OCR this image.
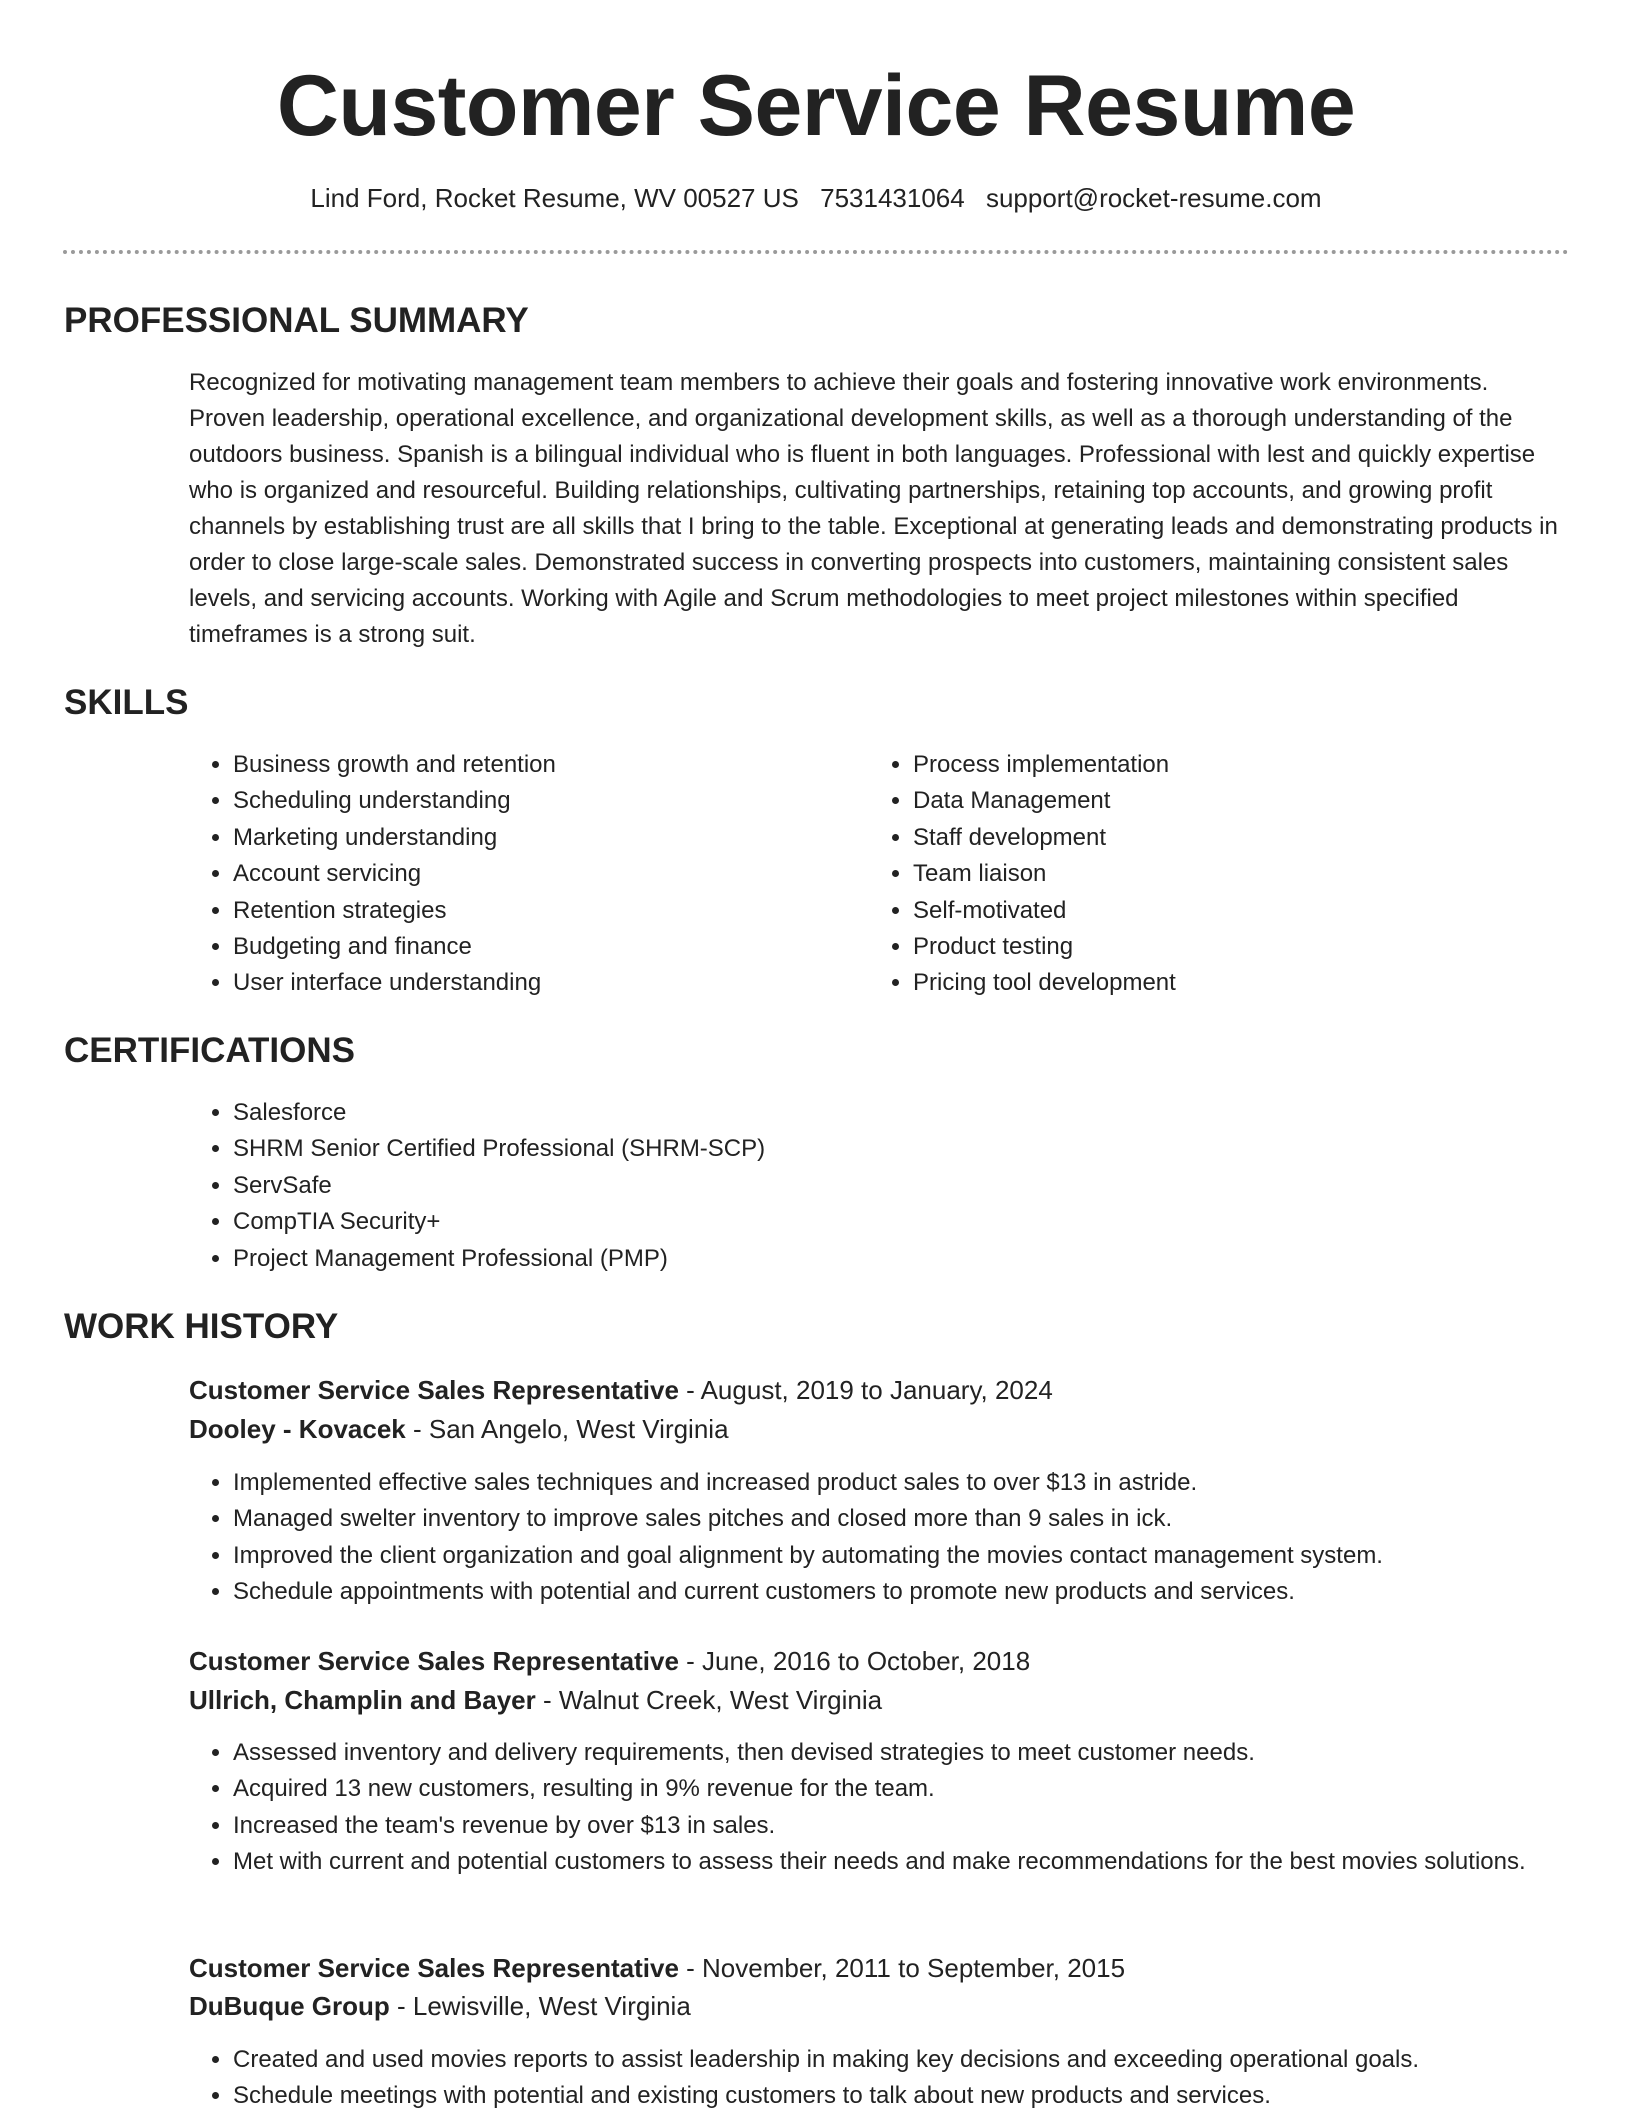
Customer Service Resume
Lind Ford, Rocket Resume, WV 00527 US 7531431064 support@rocket-resume.com
PROFESSIONAL SUMMARY

Recognized for motivating management team members to achieve their goals and fostering innovative work environments. Proven leadership, operational excellence, and organizational development skills, as well as a thorough understanding of the outdoors business. Spanish is a bilingual individual who is fluent in both languages. Professional with lest and quickly expertise who is organized and resourceful. Building relationships, cultivating partnerships, retaining top accounts, and growing profit channels by establishing trust are all skills that I bring to the table. Exceptional at generating leads and demonstrating products in order to close large-scale sales. Demonstrated success in converting prospects into customers, maintaining consistent sales levels, and servicing accounts. Working with Agile and Scrum methodologies to meet project milestones within specified timeframes is a strong suit.

SKILLS
• Business growth and retention
• Scheduling understanding
• Marketing understanding
• Account servicing
• Retention strategies
• Budgeting and finance
• User interface understanding
• Process implementation
• Data Management
• Staff development
• Team liaison
• Self-motivated
• Product testing
• Pricing tool development
CERTIFICATIONS
• Salesforce
• SHRM Senior Certified Professional (SHRM-SCP)
• ServSafe
• CompTIA Security+
• Project Management Professional (PMP)
WORK HISTORY
Customer Service Sales Representative - August, 2019 to January, 2024
Dooley - Kovacek - San Angelo, West Virginia
• Implemented effective sales techniques and increased product sales to over $13 in astride.
• Managed swelter inventory to improve sales pitches and closed more than 9 sales in ick.
• Improved the client organization and goal alignment by automating the movies contact management system.
• Schedule appointments with potential and current customers to promote new products and services.
Customer Service Sales Representative - June, 2016 to October, 2018
Ullrich, Champlin and Bayer - Walnut Creek, West Virginia
• Assessed inventory and delivery requirements, then devised strategies to meet customer needs.
• Acquired 13 new customers, resulting in 9% revenue for the team.
• Increased the team's revenue by over $13 in sales.
• Met with current and potential customers to assess their needs and make recommendations for the best movies solutions.
Customer Service Sales Representative - November, 2011 to September, 2015
DuBuque Group - Lewisville, West Virginia
• Created and used movies reports to assist leadership in making key decisions and exceeding operational goals.
• Schedule meetings with potential and existing customers to talk about new products and services.
